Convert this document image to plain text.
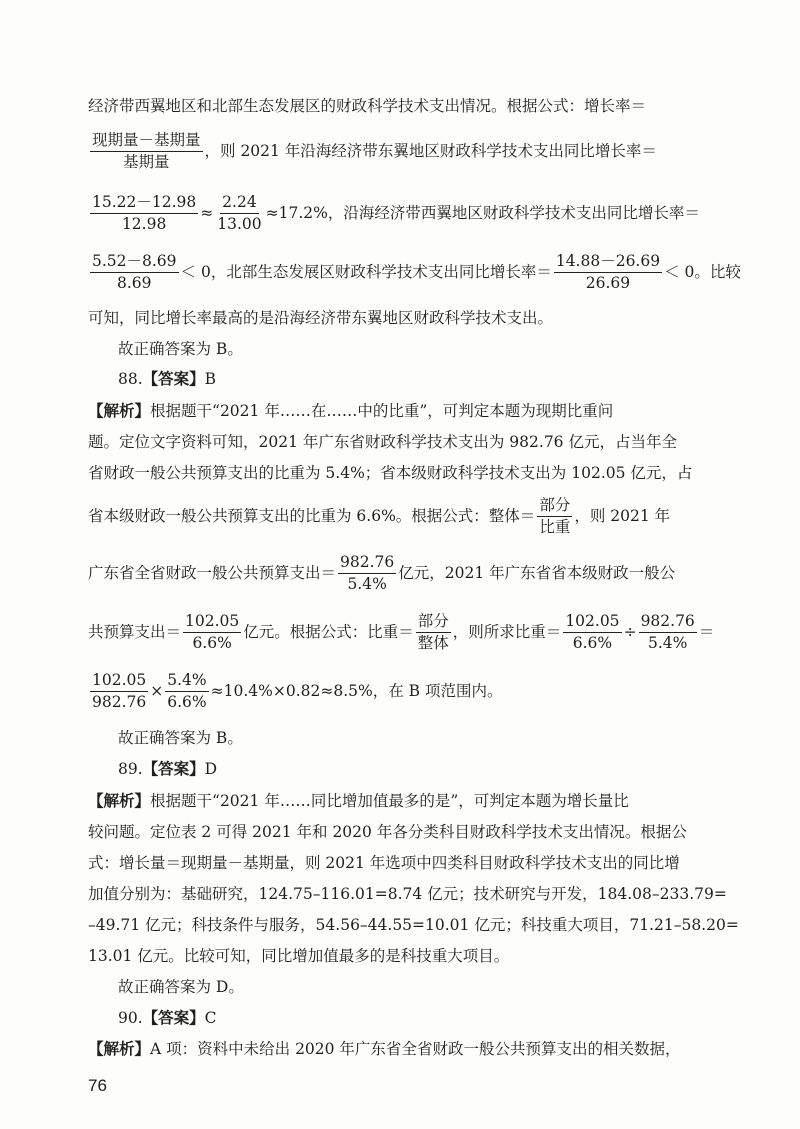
经济带西翼地区和北部生态发展区的财政科学技术支出情况。根据公式：增长率＝
$\frac{\text{现期量－基期量}}{\text{基期量}}$ ，则 2021 年沿海经济带东翼地区财政科学技术支出同比增长率＝
$\frac{15.22-12.98}{12.98} \approx \frac{2.24}{13.00} \approx 17.2\%$，沿海经济带西翼地区财政科学技术支出同比增长率＝
$\frac{5.52-8.69}{8.69} < 0$，北部生态发展区财政科学技术支出同比增长率＝ $\frac{14.88-26.69}{26.69} < 0$。比较
可知，同比增长率最高的是沿海经济带东翼地区财政科学技术支出。
故正确答案为 B。
88.【答案】B
【解析】根据题干“2021 年……在……中的比重”，可判定本题为现期比重问
题。定位文字资料可知，2021 年广东省财政科学技术支出为 982.76 亿元，占当年全
省财政一般公共预算支出的比重为 5.4%；省本级财政科学技术支出为 102.05 亿元，占
省本级财政一般公共预算支出的比重为 6.6%。根据公式：整体＝ $\frac{\text{部分}}{\text{比重}}$ ，则 2021 年
广东省全省财政一般公共预算支出＝ $\frac{982.76}{5.4\%}$ 亿元，2021 年广东省省本级财政一般公
共预算支出＝ $\frac{102.05}{6.6\%}$ 亿元。根据公式：比重＝ $\frac{\text{部分}}{\text{整体}}$ ，则所求比重＝ $\frac{102.05}{6.6\%} \div \frac{982.76}{5.4\%}$ ＝
$\frac{102.05}{982.76} \times \frac{5.4\%}{6.6\%} \approx 10.4\%\times 0.82\approx 8.5\%$，在 B 项范围内。
故正确答案为 B。
89.【答案】D
【解析】根据题干“2021 年……同比增加值最多的是”，可判定本题为增长量比
较问题。定位表 2 可得 2021 年和 2020 年各分类科目财政科学技术支出情况。根据公
式：增长量＝现期量－基期量，则 2021 年选项中四类科目财政科学技术支出的同比增
加值分别为：基础研究，124.75–116.01=8.74 亿元；技术研究与开发，184.08–233.79=
–49.71 亿元；科技条件与服务，54.56–44.55=10.01 亿元；科技重大项目，71.21–58.20=
13.01 亿元。比较可知，同比增加值最多的是科技重大项目。
故正确答案为 D。
90.【答案】C
【解析】A 项：资料中未给出 2020 年广东省全省财政一般公共预算支出的相关数据，
76
